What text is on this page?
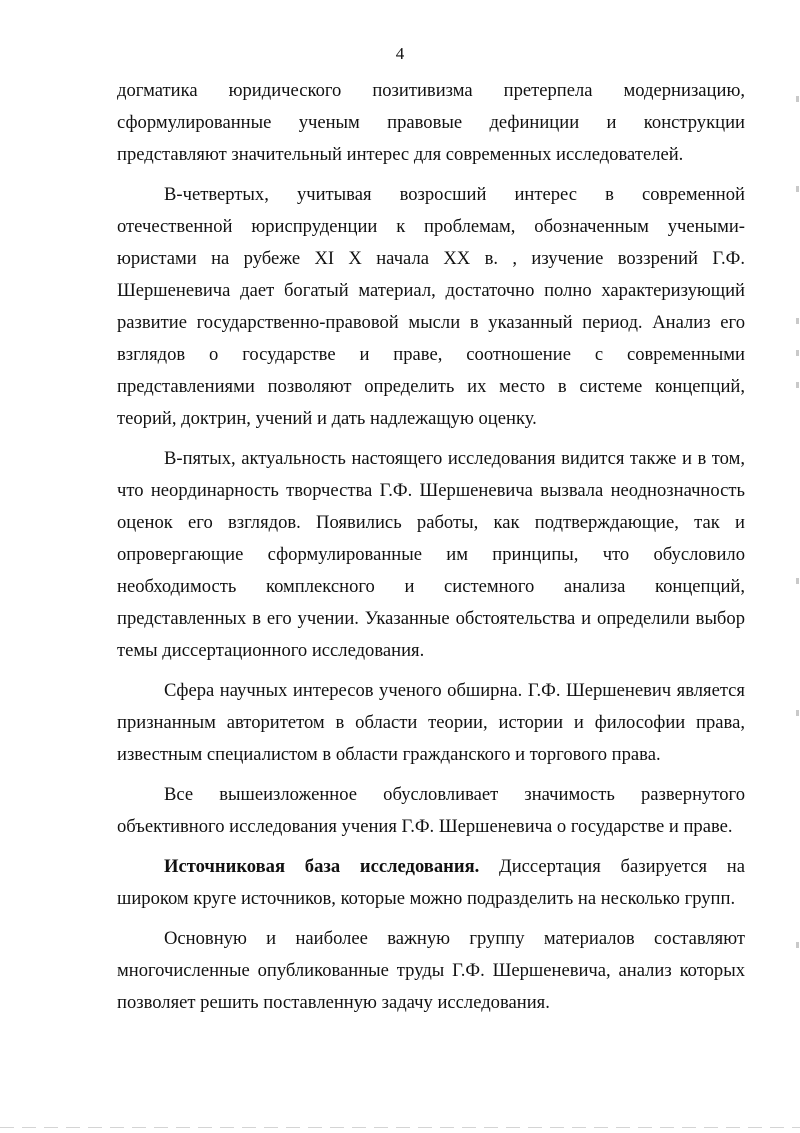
4

догматика юридического позитивизма претерпела модернизацию, сформулированные ученым правовые дефиниции и конструкции представляют значительный интерес для современных исследователей.

В-четвертых, учитывая возросший интерес в современной отечественной юриспруденции к проблемам, обозначенным учеными-юристами на рубеже XI X начала XX в. , изучение воззрений Г.Ф. Шершеневича дает богатый материал, достаточно полно характеризующий развитие государственно-правовой мысли в указанный период. Анализ его взглядов о государстве и праве, соотношение с современными представлениями позволяют определить их место в системе концепций, теорий, доктрин, учений и дать надлежащую оценку.

В-пятых, актуальность настоящего исследования видится также и в том, что неординарность творчества Г.Ф. Шершеневича вызвала неоднозначность оценок его взглядов. Появились работы, как подтверждающие, так и опровергающие сформулированные им принципы, что обусловило необходимость комплексного и системного анализа концепций, представленных в его учении. Указанные обстоятельства и определили выбор темы диссертационного исследования.

Сфера научных интересов ученого обширна. Г.Ф. Шершеневич является признанным авторитетом в области теории, истории и философии права, известным специалистом в области гражданского и торгового права.

Все вышеизложенное обусловливает значимость развернутого объективного исследования учения Г.Ф. Шершеневича о государстве и праве.

Источниковая база исследования. Диссертация базируется на широком круге источников, которые можно подразделить на несколько групп.

Основную и наиболее важную группу материалов составляют многочисленные опубликованные труды Г.Ф. Шершеневича, анализ которых позволяет решить поставленную задачу исследования.
